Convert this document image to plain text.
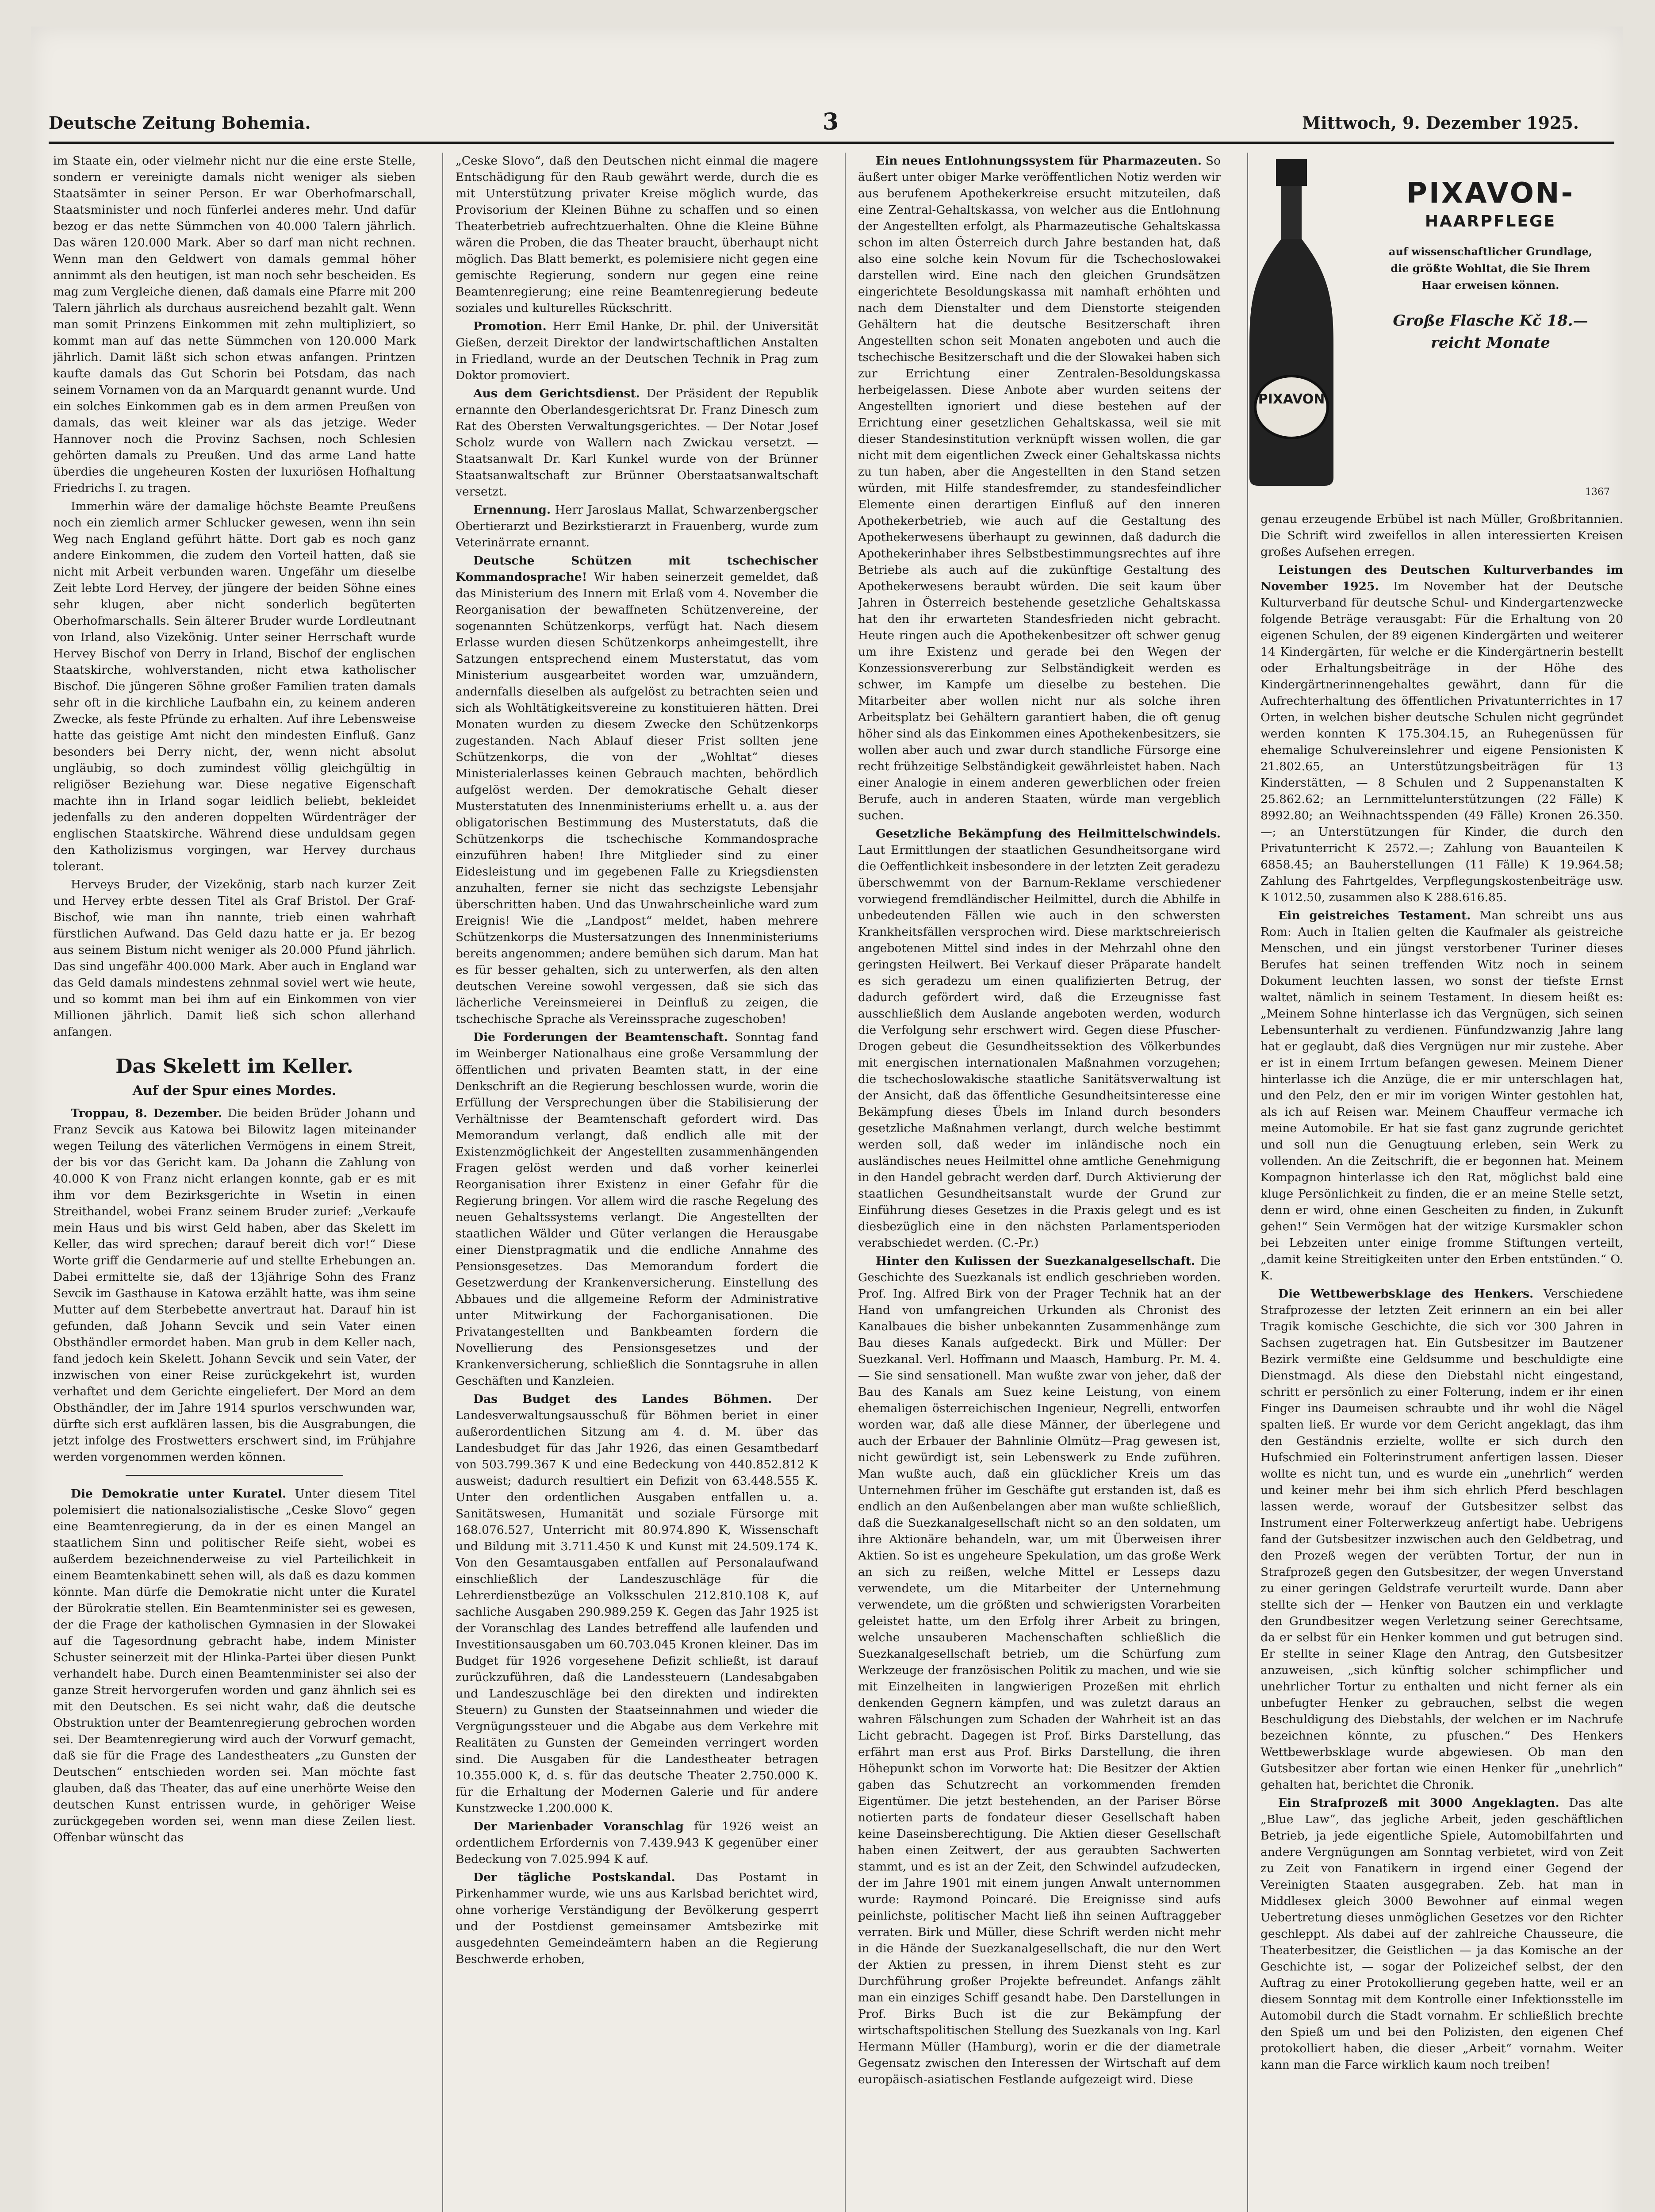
Deutsche Zeitung Bohemia.	3	Mittwoch, 9. Dezember 1925.

im Staate ein, oder vielmehr nicht nur die eine erste Stelle, sondern er vereinigte damals nicht weniger als sieben Staatsämter in seiner Person. Er war Oberhofmarschall, Staatsminister und noch fünferlei anderes mehr. Und dafür bezog er das nette Sümmchen von 40.000 Talern jährlich. Das wären 120.000 Mark. Aber so darf man nicht rechnen. Wenn man den Geldwert von damals gemmal höher annimmt als den heutigen, ist man noch sehr bescheiden. Es mag zum Vergleiche dienen, daß damals eine Pfarre mit 200 Talern jährlich als durchaus ausreichend bezahlt galt. Wenn man somit Prinzens Einkommen mit zehn multipliziert, so kommt man auf das nette Sümmchen von 120.000 Mark jährlich. Damit läßt sich schon etwas anfangen. Printzen kaufte damals das Gut Schorin bei Potsdam, das nach seinem Vornamen von da an Marquardt genannt wurde. Und ein solches Einkommen gab es in dem armen Preußen von damals, das weit kleiner war als das jetzige. Weder Hannover noch die Provinz Sachsen, noch Schlesien gehörten damals zu Preußen. Und das arme Land hatte überdies die ungeheuren Kosten der luxuriösen Hofhaltung Friedrichs I. zu tragen.

Immerhin wäre der damalige höchste Beamte Preußens noch ein ziemlich armer Schlucker gewesen, wenn ihn sein Weg nach England geführt hätte. Dort gab es noch ganz andere Einkommen, die zudem den Vorteil hatten, daß sie nicht mit Arbeit verbunden waren. Ungefähr um dieselbe Zeit lebte Lord Hervey, der jüngere der beiden Söhne eines sehr klugen, aber nicht sonderlich begüterten Oberhofmarschalls. Sein älterer Bruder wurde Lordleutnant von Irland, also Vizekönig. Unter seiner Herrschaft wurde Hervey Bischof von Derry in Irland, Bischof der englischen Staatskirche, wohlverstanden, nicht etwa katholischer Bischof. Die jüngeren Söhne großer Familien traten damals sehr oft in die kirchliche Laufbahn ein, zu keinem anderen Zwecke, als feste Pfründe zu erhalten. Auf ihre Lebensweise hatte das geistige Amt nicht den mindesten Einfluß. Ganz besonders bei Derry nicht, der, wenn nicht absolut ungläubig, so doch zumindest völlig gleichgültig in religiöser Beziehung war. Diese negative Eigenschaft machte ihn in Irland sogar leidlich beliebt, bekleidet jedenfalls zu den anderen doppelten Würdenträger der englischen Staatskirche. Während diese unduldsam gegen den Katholizismus vorgingen, war Hervey durchaus tolerant.

Herveys Bruder, der Vizekönig, starb nach kurzer Zeit und Hervey erbte dessen Titel als Graf Bristol. Der Graf-Bischof, wie man ihn nannte, trieb einen wahrhaft fürstlichen Aufwand. Das Geld dazu hatte er ja. Er bezog aus seinem Bistum nicht weniger als 20.000 Pfund jährlich. Das sind ungefähr 400.000 Mark. Aber auch in England war das Geld damals mindestens zehnmal soviel wert wie heute, und so kommt man bei ihm auf ein Einkommen von vier Millionen jährlich. Damit ließ sich schon allerhand anfangen.

Das Skelett im Keller.

Auf der Spur eines Mordes.

Troppau, 8. Dezember. Die beiden Brüder Johann und Franz Sevcik aus Katowa bei Bilowitz lagen miteinander wegen Teilung des väterlichen Vermögens in einem Streit, der bis vor das Gericht kam. Da Johann die Zahlung von 40.000 K von Franz nicht erlangen konnte, gab er es mit ihm vor dem Bezirksgerichte in Wsetin in einen Streithandel, wobei Franz seinem Bruder zurief: „Verkaufe mein Haus und bis wirst Geld haben, aber das Skelett im Keller, das wird sprechen; darauf bereit dich vor!“ Diese Worte griff die Gendarmerie auf und stellte Erhebungen an. Dabei ermittelte sie, daß der 13jährige Sohn des Franz Sevcik im Gasthause in Katowa erzählt hatte, was ihm seine Mutter auf dem Sterbebette anvertraut hat. Darauf hin ist gefunden, daß Johann Sevcik und sein Vater einen Obsthändler ermordet haben. Man grub in dem Keller nach, fand jedoch kein Skelett. Johann Sevcik und sein Vater, der inzwischen von einer Reise zurückgekehrt ist, wurden verhaftet und dem Gerichte eingeliefert. Der Mord an dem Obsthändler, der im Jahre 1914 spurlos verschwunden war, dürfte sich erst aufklären lassen, bis die Ausgrabungen, die jetzt infolge des Frostwetters erschwert sind, im Frühjahre werden vorgenommen werden können.

Die Demokratie unter Kuratel. Unter diesem Titel polemisiert die nationalsozialistische „Ceske Slovo“ gegen eine Beamtenregierung, da in der es einen Mangel an staatlichem Sinn und politischer Reife sieht, wobei es außerdem bezeichnenderweise zu viel Parteilichkeit in einem Beamtenkabinett sehen will, als daß es dazu kommen könnte. Man dürfe die Demokratie nicht unter die Kuratel der Bürokratie stellen. Ein Beamtenminister sei es gewesen, der die Frage der katholischen Gymnasien in der Slowakei auf die Tagesordnung gebracht habe, indem Minister Schuster seinerzeit mit der Hlinka-Partei über diesen Punkt verhandelt habe. Durch einen Beamtenminister sei also der ganze Streit hervorgerufen worden und ganz ähnlich sei es mit den Deutschen. Es sei nicht wahr, daß die deutsche Obstruktion unter der Beamtenregierung gebrochen worden sei. Der Beamtenregierung wird auch der Vorwurf gemacht, daß sie für die Frage des Landestheaters „zu Gunsten der Deutschen“ entschieden worden sei. Man möchte fast glauben, daß das Theater, das auf eine unerhörte Weise den deutschen Kunst entrissen wurde, in gehöriger Weise zurückgegeben worden sei, wenn man diese Zeilen liest. Offenbar wünscht das

„Ceske Slovo“, daß den Deutschen nicht einmal die magere Entschädigung für den Raub gewährt werde, durch die es mit Unterstützung privater Kreise möglich wurde, das Provisorium der Kleinen Bühne zu schaffen und so einen Theaterbetrieb aufrechtzuerhalten. Ohne die Kleine Bühne wären die Proben, die das Theater braucht, überhaupt nicht möglich. Das Blatt bemerkt, es polemisiere nicht gegen eine gemischte Regierung, sondern nur gegen eine reine Beamtenregierung; eine reine Beamtenregierung bedeute soziales und kulturelles Rückschritt.

Promotion. Herr Emil Hanke, Dr. phil. der Universität Gießen, derzeit Direktor der landwirtschaftlichen Anstalten in Friedland, wurde an der Deutschen Technik in Prag zum Doktor promoviert.

Aus dem Gerichtsdienst. Der Präsident der Republik ernannte den Oberlandesgerichtsrat Dr. Franz Dinesch zum Rat des Obersten Verwaltungsgerichtes. — Der Notar Josef Scholz wurde von Wallern nach Zwickau versetzt. — Staatsanwalt Dr. Karl Kunkel wurde von der Brünner Staatsanwaltschaft zur Brünner Oberstaatsanwaltschaft versetzt.

Ernennung. Herr Jaroslaus Mallat, Schwarzenbergscher Obertierarzt und Bezirkstierarzt in Frauenberg, wurde zum Veterinärrate ernannt.

Deutsche Schützen mit tschechischer Kommandosprache! Wir haben seinerzeit gemeldet, daß das Ministerium des Innern mit Erlaß vom 4. November die Reorganisation der bewaffneten Schützenvereine, der sogenannten Schützenkorps, verfügt hat. Nach diesem Erlasse wurden diesen Schützenkorps anheimgestellt, ihre Satzungen entsprechend einem Musterstatut, das vom Ministerium ausgearbeitet worden war, umzuändern, andernfalls dieselben als aufgelöst zu betrachten seien und sich als Wohltätigkeitsvereine zu konstituieren hätten. Drei Monaten wurden zu diesem Zwecke den Schützenkorps zugestanden. Nach Ablauf dieser Frist sollten jene Schützenkorps, die von der „Wohltat“ dieses Ministerialerlasses keinen Gebrauch machten, behördlich aufgelöst werden. Der demokratische Gehalt dieser Musterstatuten des Innenministeriums erhellt u. a. aus der obligatorischen Bestimmung des Musterstatuts, daß die Schützenkorps die tschechische Kommandosprache einzuführen haben! Ihre Mitglieder sind zu einer Eidesleistung und im gegebenen Falle zu Kriegsdiensten anzuhalten, ferner sie nicht das sechzigste Lebensjahr überschritten haben. Und das Unwahrscheinliche ward zum Ereignis! Wie die „Landpost“ meldet, haben mehrere Schützenkorps die Mustersatzungen des Innenministeriums bereits angenommen; andere bemühen sich darum. Man hat es für besser gehalten, sich zu unterwerfen, als den alten deutschen Vereine sowohl vergessen, daß sie sich das lächerliche Vereinsmeierei in Deinfluß zu zeigen, die tschechische Sprache als Vereinssprache zugeschoben!

Die Forderungen der Beamtenschaft. Sonntag fand im Weinberger Nationalhaus eine große Versammlung der öffentlichen und privaten Beamten statt, in der eine Denkschrift an die Regierung beschlossen wurde, worin die Erfüllung der Versprechungen über die Stabilisierung der Verhältnisse der Beamtenschaft gefordert wird. Das Memorandum verlangt, daß endlich alle mit der Existenzmöglichkeit der Angestellten zusammenhängenden Fragen gelöst werden und daß vorher keinerlei Reorganisation ihrer Existenz in einer Gefahr für die Regierung bringen. Vor allem wird die rasche Regelung des neuen Gehaltssystems verlangt. Die Angestellten der staatlichen Wälder und Güter verlangen die Herausgabe einer Dienstpragmatik und die endliche Annahme des Pensionsgesetzes. Das Memorandum fordert die Gesetzwerdung der Krankenversicherung. Einstellung des Abbaues und die allgemeine Reform der Administrative unter Mitwirkung der Fachorganisationen. Die Privatangestellten und Bankbeamten fordern die Novellierung des Pensionsgesetzes und der Krankenversicherung, schließlich die Sonntagsruhe in allen Geschäften und Kanzleien.

Das Budget des Landes Böhmen. Der Landesverwaltungsausschuß für Böhmen beriet in einer außerordentlichen Sitzung am 4. d. M. über das Landesbudget für das Jahr 1926, das einen Gesamtbedarf von 503.799.367 K und eine Bedeckung von 440.852.812 K ausweist; dadurch resultiert ein Defizit von 63.448.555 K. Unter den ordentlichen Ausgaben entfallen u. a. Sanitätswesen, Humanität und soziale Fürsorge mit 168.076.527, Unterricht mit 80.974.890 K, Wissenschaft und Bildung mit 3.711.450 K und Kunst mit 24.509.174 K. Von den Gesamtausgaben entfallen auf Personalaufwand einschließlich der Landeszuschläge für die Lehrerdienstbezüge an Volksschulen 212.810.108 K, auf sachliche Ausgaben 290.989.259 K. Gegen das Jahr 1925 ist der Voranschlag des Landes betreffend alle laufenden und Investitionsausgaben um 60.703.045 Kronen kleiner. Das im Budget für 1926 vorgesehene Defizit schließt, ist darauf zurückzuführen, daß die Landessteuern (Landesabgaben und Landeszuschläge bei den direkten und indirekten Steuern) zu Gunsten der Staatseinnahmen und wieder die Vergnügungssteuer und die Abgabe aus dem Verkehre mit Realitäten zu Gunsten der Gemeinden verringert worden sind. Die Ausgaben für die Landestheater betragen 10.355.000 K, d. s. für das deutsche Theater 2.750.000 K. für die Erhaltung der Modernen Galerie und für andere Kunstzwecke 1.200.000 K.

Der Marienbader Voranschlag für 1926 weist an ordentlichem Erfordernis von 7.439.943 K gegenüber einer Bedeckung von 7.025.994 K auf.

Der tägliche Postskandal. Das Postamt in Pirkenhammer wurde, wie uns aus Karlsbad berichtet wird, ohne vorherige Verständigung der Bevölkerung gesperrt und der Postdienst gemeinsamer Amtsbezirke mit ausgedehnten Gemeindeämtern haben an die Regierung Beschwerde erhoben,

Ein neues Entlohnungssystem für Pharmazeuten. So äußert unter obiger Marke veröffentlichen Notiz werden wir aus berufenem Apothekerkreise ersucht mitzuteilen, daß eine Zentral-Gehaltskassa, von welcher aus die Entlohnung der Angestellten erfolgt, als Pharmazeutische Gehaltskassa schon im alten Österreich durch Jahre bestanden hat, daß also eine solche kein Novum für die Tschechoslowakei darstellen wird. Eine nach den gleichen Grundsätzen eingerichtete Besoldungskassa mit namhaft erhöhten und nach dem Dienstalter und dem Dienstorte steigenden Gehältern hat die deutsche Besitzerschaft ihren Angestellten schon seit Monaten angeboten und auch die tschechische Besitzerschaft und die der Slowakei haben sich zur Errichtung einer Zentralen-Besoldungskassa herbeigelassen. Diese Anbote aber wurden seitens der Angestellten ignoriert und diese bestehen auf der Errichtung einer gesetzlichen Gehaltskassa, weil sie mit dieser Standesinstitution verknüpft wissen wollen, die gar nicht mit dem eigentlichen Zweck einer Gehaltskassa nichts zu tun haben, aber die Angestellten in den Stand setzen würden, mit Hilfe standesfremder, zu standesfeindlicher Elemente einen derartigen Einfluß auf den inneren Apothekerbetrieb, wie auch auf die Gestaltung des Apothekerwesens überhaupt zu gewinnen, daß dadurch die Apothekerinhaber ihres Selbstbestimmungsrechtes auf ihre Betriebe als auch auf die zukünftige Gestaltung des Apothekerwesens beraubt würden. Die seit kaum über Jahren in Österreich bestehende gesetzliche Gehaltskassa hat den ihr erwarteten Standesfrieden nicht gebracht. Heute ringen auch die Apothekenbesitzer oft schwer genug um ihre Existenz und gerade bei den Wegen der Konzessionsvererbung zur Selbständigkeit werden es schwer, im Kampfe um dieselbe zu bestehen. Die Mitarbeiter aber wollen nicht nur als solche ihren Arbeitsplatz bei Gehältern garantiert haben, die oft genug höher sind als das Einkommen eines Apothekenbesitzers, sie wollen aber auch und zwar durch standliche Fürsorge eine recht frühzeitige Selbständigkeit gewährleistet haben. Nach einer Analogie in einem anderen gewerblichen oder freien Berufe, auch in anderen Staaten, würde man vergeblich suchen.

Gesetzliche Bekämpfung des Heilmittelschwindels. Laut Ermittlungen der staatlichen Gesundheitsorgane wird die Oeffentlichkeit insbesondere in der letzten Zeit geradezu überschwemmt von der Barnum-Reklame verschiedener vorwiegend fremdländischer Heilmittel, durch die Abhilfe in unbedeutenden Fällen wie auch in den schwersten Krankheitsfällen versprochen wird. Diese marktschreierisch angebotenen Mittel sind indes in der Mehrzahl ohne den geringsten Heilwert. Bei Verkauf dieser Präparate handelt es sich geradezu um einen qualifizierten Betrug, der dadurch gefördert wird, daß die Erzeugnisse fast ausschließlich dem Auslande angeboten werden, wodurch die Verfolgung sehr erschwert wird. Gegen diese Pfuscher-Drogen gebeut die Gesundheitssektion des Völkerbundes mit energischen internationalen Maßnahmen vorzugehen; die tschechoslowakische staatliche Sanitätsverwaltung ist der Ansicht, daß das öffentliche Gesundheitsinteresse eine Bekämpfung dieses Übels im Inland durch besonders gesetzliche Maßnahmen verlangt, durch welche bestimmt werden soll, daß weder im inländische noch ein ausländisches neues Heilmittel ohne amtliche Genehmigung in den Handel gebracht werden darf. Durch Aktivierung der staatlichen Gesundheitsanstalt wurde der Grund zur Einführung dieses Gesetzes in die Praxis gelegt und es ist diesbezüglich eine in den nächsten Parlamentsperioden verabschiedet werden. (C.-Pr.)

Hinter den Kulissen der Suezkanalgesellschaft. Die Geschichte des Suezkanals ist endlich geschrieben worden. Prof. Ing. Alfred Birk von der Prager Technik hat an der Hand von umfangreichen Urkunden als Chronist des Kanalbaues die bisher unbekannten Zusammenhänge zum Bau dieses Kanals aufgedeckt. Birk und Müller: Der Suezkanal. Verl. Hoffmann und Maasch, Hamburg. Pr. M. 4.— Sie sind sensationell. Man wußte zwar von jeher, daß der Bau des Kanals am Suez keine Leistung, von einem ehemaligen österreichischen Ingenieur, Negrelli, entworfen worden war, daß alle diese Männer, der überlegene und auch der Erbauer der Bahnlinie Olmütz—Prag gewesen ist, nicht gewürdigt ist, sein Lebenswerk zu Ende zuführen. Man wußte auch, daß ein glücklicher Kreis um das Unternehmen früher im Geschäfte gut erstanden ist, daß es endlich an den Außenbelangen aber man wußte schließlich, daß die Suezkanalgesellschaft nicht so an den soldaten, um ihre Aktionäre behandeln, war, um mit Überweisen ihrer Aktien. So ist es ungeheure Spekulation, um das große Werk an sich zu reißen, welche Mittel er Lesseps dazu verwendete, um die Mitarbeiter der Unternehmung verwendete, um die größten und schwierigsten Vorarbeiten geleistet hatte, um den Erfolg ihrer Arbeit zu bringen, welche unsauberen Machenschaften schließlich die Suezkanalgesellschaft betrieb, um die Schürfung zum Werkzeuge der französischen Politik zu machen, und wie sie mit Einzelheiten in langwierigen Prozeßen mit ehrlich denkenden Gegnern kämpfen, und was zuletzt daraus an wahren Fälschungen zum Schaden der Wahrheit ist an das Licht gebracht. Dagegen ist Prof. Birks Darstellung, das erfährt man erst aus Prof. Birks Darstellung, die ihren Höhepunkt schon im Vorworte hat: Die Besitzer der Aktien gaben das Schutzrecht an vorkommenden fremden Eigentümer. Die jetzt bestehenden, an der Pariser Börse notierten parts de fondateur dieser Gesellschaft haben keine Daseinsberechtigung. Die Aktien dieser Gesellschaft haben einen Zeitwert, der aus geraubten Sachwerten stammt, und es ist an der Zeit, den Schwindel aufzudecken, der im Jahre 1901 mit einem jungen Anwalt unternommen wurde: Raymond Poincaré. Die Ereignisse sind aufs peinlichste, politischer Macht ließ ihn seinen Auftraggeber verraten. Birk und Müller, diese Schrift werden nicht mehr in die Hände der Suezkanalgesellschaft, die nur den Wert der Aktien zu pressen, in ihrem Dienst steht es zur Durchführung großer Projekte befreundet. Anfangs zählt man ein einziges Schiff gesandt habe. Den Darstellungen in Prof. Birks Buch ist die zur Bekämpfung der wirtschaftspolitischen Stellung des Suezkanals von Ing. Karl Hermann Müller (Hamburg), worin er die der diametrale Gegensatz zwischen den Interessen der Wirtschaft auf dem europäisch-asiatischen Festlande aufgezeigt wird. Diese

PIXAVON
PIXAVON-
HAARPFLEGE
auf wissenschaftlicher Grundlage,
die größte Wohltat, die Sie Ihrem
Haar erweisen können.
Große Flasche Kč 18.—
reicht Monate
1367

genau erzeugende Erbübel ist nach Müller, Großbritannien. Die Schrift wird zweifellos in allen interessierten Kreisen großes Aufsehen erregen.

Leistungen des Deutschen Kulturverbandes im November 1925. Im November hat der Deutsche Kulturverband für deutsche Schul- und Kindergartenzwecke folgende Beträge verausgabt: Für die Erhaltung von 20 eigenen Schulen, der 89 eigenen Kindergärten und weiterer 14 Kindergärten, für welche er die Kindergärtnerin bestellt oder Erhaltungsbeiträge in der Höhe des Kindergärtnerinnengehaltes gewährt, dann für die Aufrechterhaltung des öffentlichen Privatunterrichtes in 17 Orten, in welchen bisher deutsche Schulen nicht gegründet werden konnten K 175.304.15, an Ruhegenüssen für ehemalige Schulvereinslehrer und eigene Pensionisten K 21.802.65, an Unterstützungsbeiträgen für 13 Kinderstätten, — 8 Schulen und 2 Suppenanstalten K 25.862.62; an Lernmittelunterstützungen (22 Fälle) K 8992.80; an Weihnachtsspenden (49 Fälle) Kronen 26.350.—; an Unterstützungen für Kinder, die durch den Privatunterricht K 2572.—; Zahlung von Bauanteilen K 6858.45; an Bauherstellungen (11 Fälle) K 19.964.58; Zahlung des Fahrtgeldes, Verpflegungskostenbeiträge usw. K 1012.50, zusammen also K 288.616.85.

Ein geistreiches Testament. Man schreibt uns aus Rom: Auch in Italien gelten die Kaufmaler als geistreiche Menschen, und ein jüngst verstorbener Turiner dieses Berufes hat seinen treffenden Witz noch in seinem Dokument leuchten lassen, wo sonst der tiefste Ernst waltet, nämlich in seinem Testament. In diesem heißt es: „Meinem Sohne hinterlasse ich das Vergnügen, sich seinen Lebensunterhalt zu verdienen. Fünfundzwanzig Jahre lang hat er geglaubt, daß dies Vergnügen nur mir zustehe. Aber er ist in einem Irrtum befangen gewesen. Meinem Diener hinterlasse ich die Anzüge, die er mir unterschlagen hat, und den Pelz, den er mir im vorigen Winter gestohlen hat, als ich auf Reisen war. Meinem Chauffeur vermache ich meine Automobile. Er hat sie fast ganz zugrunde gerichtet und soll nun die Genugtuung erleben, sein Werk zu vollenden. An die Zeitschrift, die er begonnen hat. Meinem Kompagnon hinterlasse ich den Rat, möglichst bald eine kluge Persönlichkeit zu finden, die er an meine Stelle setzt, denn er wird, ohne einen Gescheiten zu finden, in Zukunft gehen!“ Sein Vermögen hat der witzige Kursmakler schon bei Lebzeiten unter einige fromme Stiftungen verteilt, „damit keine Streitigkeiten unter den Erben entstünden.“ O. K.

Die Wettbewerbsklage des Henkers. Verschiedene Strafprozesse der letzten Zeit erinnern an ein bei aller Tragik komische Geschichte, die sich vor 300 Jahren in Sachsen zugetragen hat. Ein Gutsbesitzer im Bautzener Bezirk vermißte eine Geldsumme und beschuldigte eine Dienstmagd. Als diese den Diebstahl nicht eingestand, schritt er persönlich zu einer Folterung, indem er ihr einen Finger ins Daumeisen schraubte und ihr wohl die Nägel spalten ließ. Er wurde vor dem Gericht angeklagt, das ihm den Geständnis erzielte, wollte er sich durch den Hufschmied ein Folterinstrument anfertigen lassen. Dieser wollte es nicht tun, und es wurde ein „unehrlich“ werden und keiner mehr bei ihm sich ehrlich Pferd beschlagen lassen werde, worauf der Gutsbesitzer selbst das Instrument einer Folterwerkzeug anfertigt habe. Uebrigens fand der Gutsbesitzer inzwischen auch den Geldbetrag, und den Prozeß wegen der verübten Tortur, der nun in Strafprozeß gegen den Gutsbesitzer, der wegen Unverstand zu einer geringen Geldstrafe verurteilt wurde. Dann aber stellte sich der — Henker von Bautzen ein und verklagte den Grundbesitzer wegen Verletzung seiner Gerechtsame, da er selbst für ein Henker kommen und gut betrugen sind. Er stellte in seiner Klage den Antrag, den Gutsbesitzer anzuweisen, „sich künftig solcher schimpflicher und unehrlicher Tortur zu enthalten und nicht ferner als ein unbefugter Henker zu gebrauchen, selbst die wegen Beschuldigung des Diebstahls, der welchen er im Nachrufe bezeichnen könnte, zu pfuschen.“ Des Henkers Wettbewerbsklage wurde abgewiesen. Ob man den Gutsbesitzer aber fortan wie einen Henker für „unehrlich“ gehalten hat, berichtet die Chronik.

Ein Strafprozeß mit 3000 Angeklagten. Das alte „Blue Law“, das jegliche Arbeit, jeden geschäftlichen Betrieb, ja jede eigentliche Spiele, Automobilfahrten und andere Vergnügungen am Sonntag verbietet, wird von Zeit zu Zeit von Fanatikern in irgend einer Gegend der Vereinigten Staaten ausgegraben. Zeb. hat man in Middlesex gleich 3000 Bewohner auf einmal wegen Uebertretung dieses unmöglichen Gesetzes vor den Richter geschleppt. Als dabei auf der zahlreiche Chausseure, die Theaterbesitzer, die Geistlichen — ja das Komische an der Geschichte ist, — sogar der Polizeichef selbst, der den Auftrag zu einer Protokollierung gegeben hatte, weil er an diesem Sonntag mit dem Kontrolle einer Infektionsstelle im Automobil durch die Stadt vornahm. Er schließlich brechte den Spieß um und bei den Polizisten, den eigenen Chef protokolliert haben, die dieser „Arbeit“ vornahm. Weiter kann man die Farce wirklich kaum noch treiben!
